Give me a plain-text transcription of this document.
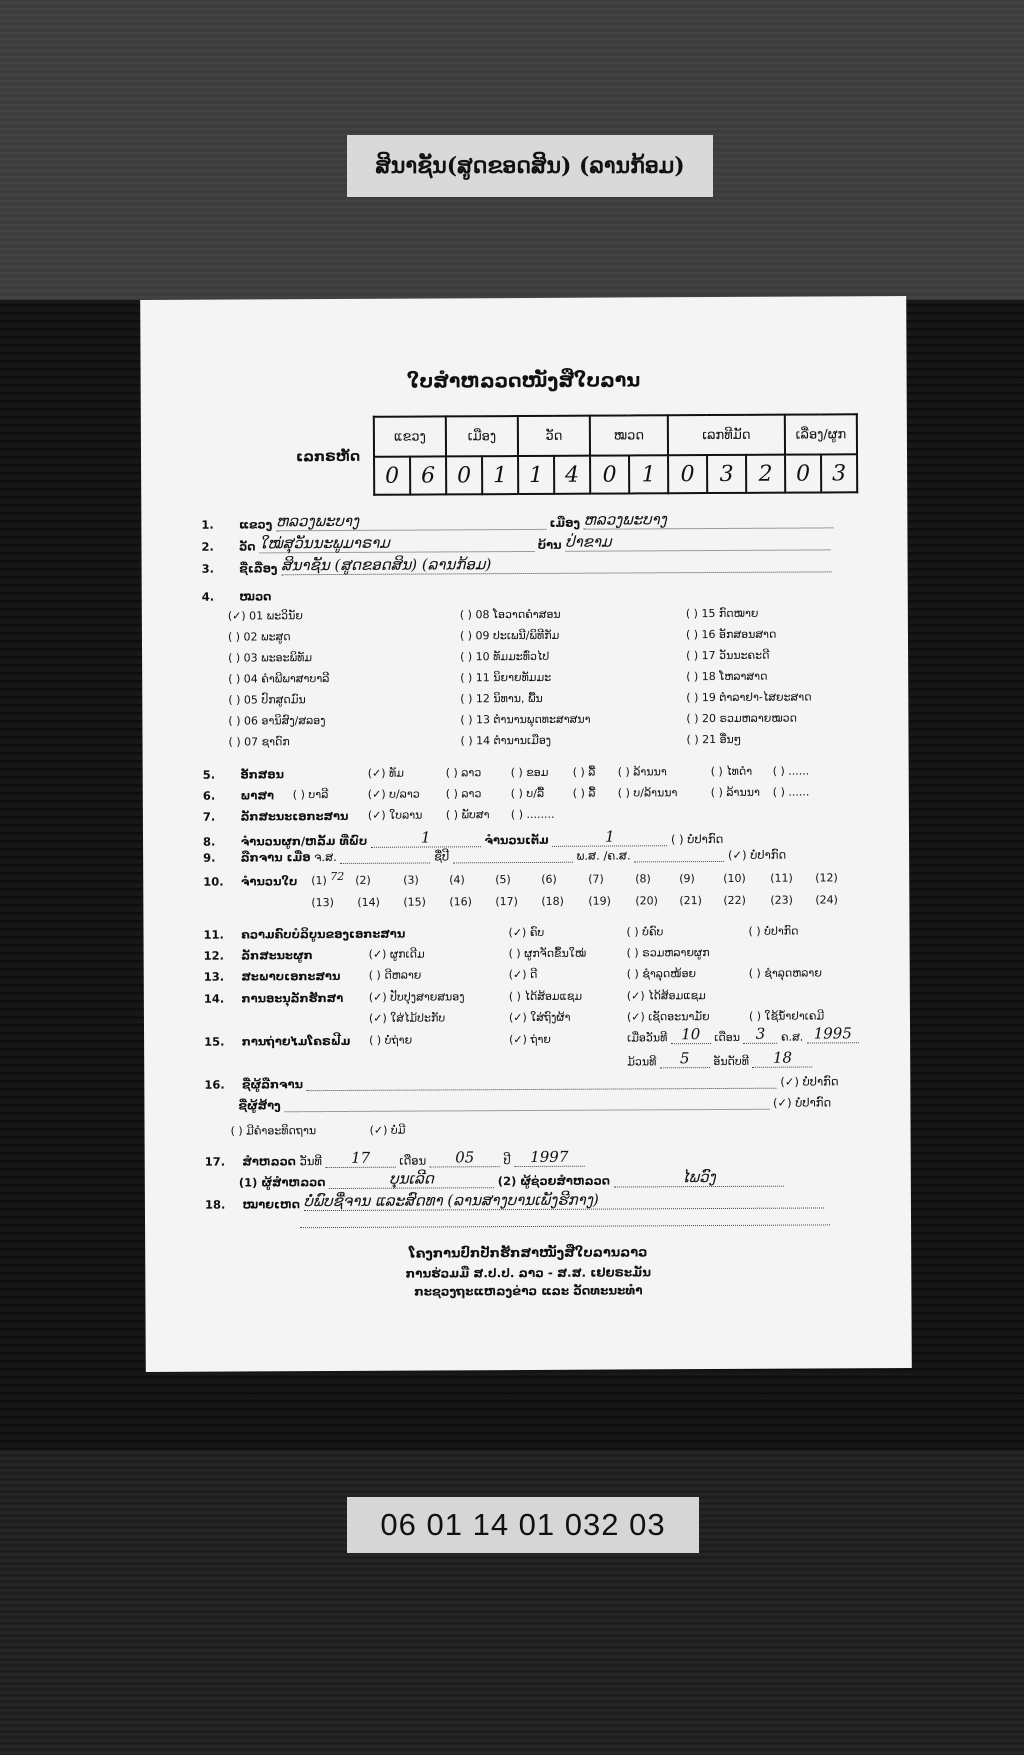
ສິນາຊັນ(ສູດຂອດສິນ) (ລານກ້ອມ)
06 01 14 01 032 03
ໃບສຳຫລວດໜັງສືໃບລານ
ເລກຣຫັດ
ແຂວງ		ເມືອງ		ວັດ		ໝວດ		ເລກທີມັດ			ເລື່ອງ/ຜູກ	
0	6	0	1	1	4	0	1	0	3	2	0	3
1. ແຂວງ ຫລວງພະບາງ	ເມືອງ ຫລວງພະບາງ
2. ວັດ ໃໝ່ສຸວັນນະພູມາຣາມ	ບ້ານ ປ່າຂາມ
3. ຊື່ເລື່ອງ ສິນາຊັນ (ສູດຂອດສິນ) (ລານກ້ອມ)
4. ໝວດ
(✓) 01 ພະວິນັຍ
( ) 02 ພະສູດ
( ) 03 ພະອະພິທັມ
( ) 04 ຄຳພີພາສາບາລີ
( ) 05 ປົກສູດມົນ
( ) 06 ອານິສົງ/ສລອງ
( ) 07 ຊາດົກ
( ) 08 ໂອວາດຄຳສອນ
( ) 09 ປະເພນີ/ພິທີກັມ
( ) 10 ທັມມະທົ່ວໄປ
( ) 11 ນິຍາຍທັມມະ
( ) 12 ນິທານ, ພື້ນ
( ) 13 ຕຳນານພຸດທະສາສນາ
( ) 14 ຕຳນານເມືອງ
( ) 15 ກົດໝາຍ
( ) 16 ອັກສອນສາດ
( ) 17 ວັນນະຄະດີ
( ) 18 ໂຫລາສາດ
( ) 19 ຕຳລາຢາ-ໄສຍະສາດ
( ) 20 ຣວມຫລາຍໝວດ
( ) 21 ອື່ນໆ
5. ອັກສອນ	(✓) ທັມ	( ) ລາວ	( ) ຂອມ ( ) ລື້ ( ) ລ້ານນາ	( ) ໄທດຳ ( ) ......
6. ພາສາ ( ) ບາລີ	(✓) ບ/ລາວ ( ) ລາວ	( ) ບ/ລື້	( ) ລື້ ( ) ບ/ລ້ານນາ	( ) ລ້ານນາ ( ) ......
7. ລັກສະນະເອກະສານ (✓) ໃບລານ ( ) ພັບສາ ( ) ........
8. ຈຳນວນຜູກ/ຫລັ້ມ ທີ່ພົບ	1	ຈຳນວນເຕັມ	1	( ) ບໍ່ປາກົດ
9. ລືກຈານ ເມື່ອ ຈ.ສ.	ຊື່ປີ	ພ.ສ. /ຄ.ສ.	(✓) ບໍ່ປາກົດ
10. ຈຳນວນໃບ (1) 72 (2)	(3)	(4)	(5)	(6)	(7)	(8)	(9)	(10) (11) (12)
(13) (14) (15) (16) (17) (18) (19) (20) (21) (22) (23) (24)
11. ຄວາມຄົບບໍລິບູນຂອງເອກະສານ	(✓) ຄົບ	( ) ບໍ່ຄົບ	( ) ບໍ່ປາກົດ
12. ລັກສະນະຜູກ	(✓) ຜູກເດີມ	( ) ຜູກຈັດຂຶ້ນໃໝ່	( ) ຣວມຫລາຍຜູກ
13. ສະພາບເອກະສານ	( ) ດີຫລາຍ	(✓) ດີ	( ) ຊຳລຸດໜ້ອຍ	( ) ຊຳລຸດຫລາຍ
14. ການອະນຸລັກຮັກສາ (✓) ປັບປຸງສາຍສນອງ	( ) ໄດ້ສ້ອມແຊມ	(✓) ໄດ້ສ້ອມແຊມ
(✓) ໃສ່ໄມ້ປະກັບ	(✓) ໃສ່ຖົງຜ້າ	(✓) ເຊັດອະນາມັຍ	( ) ໃຊ້ນ້ຳຢາເຄມີ
15. ການຖ່າຍໄມໂຄຣຟີມ ( ) ບໍ່ຖ່າຍ	(✓) ຖ່າຍ	ເມື່ອວັນທີ 10 ເດືອນ 3 ຄ.ສ. 1995
ມ້ວນທີ 5 ອັນດັບທີ 18
16. ຊື່ຜູ້ລືກຈານ	(✓) ບໍ່ປາກົດ
ຊື່ຜູ້ສ້າງ	(✓) ບໍ່ປາກົດ
( ) ມີຄຳອະທິດຖານ	(✓) ບໍ່ມີ
17. ສຳຫລວດ ວັນທີ 17	ເດືອນ 05	ປີ 1997
(1) ຜູ້ສຳຫລວດ	ບຸນເລີດ	(2) ຜູ້ຊ່ວຍສຳຫລວດ	ໄພວົງ
18. ໝາຍເຫດ ບໍ່ພົບຊື່ຈານ ແລະສົດທາ (ລານສາງບານເພັງຮີກາງ)
ໂຄງການປົກປັກຮັກສາໜັງສືໃບລານລາວ
ການຮ່ວມມື ສ.ປ.ປ. ລາວ - ສ.ສ. ເຢຍຣະມັນ
ກະຊວງຖະແຫລງຂ່າວ ແລະ ວັດທະນະທຳ
